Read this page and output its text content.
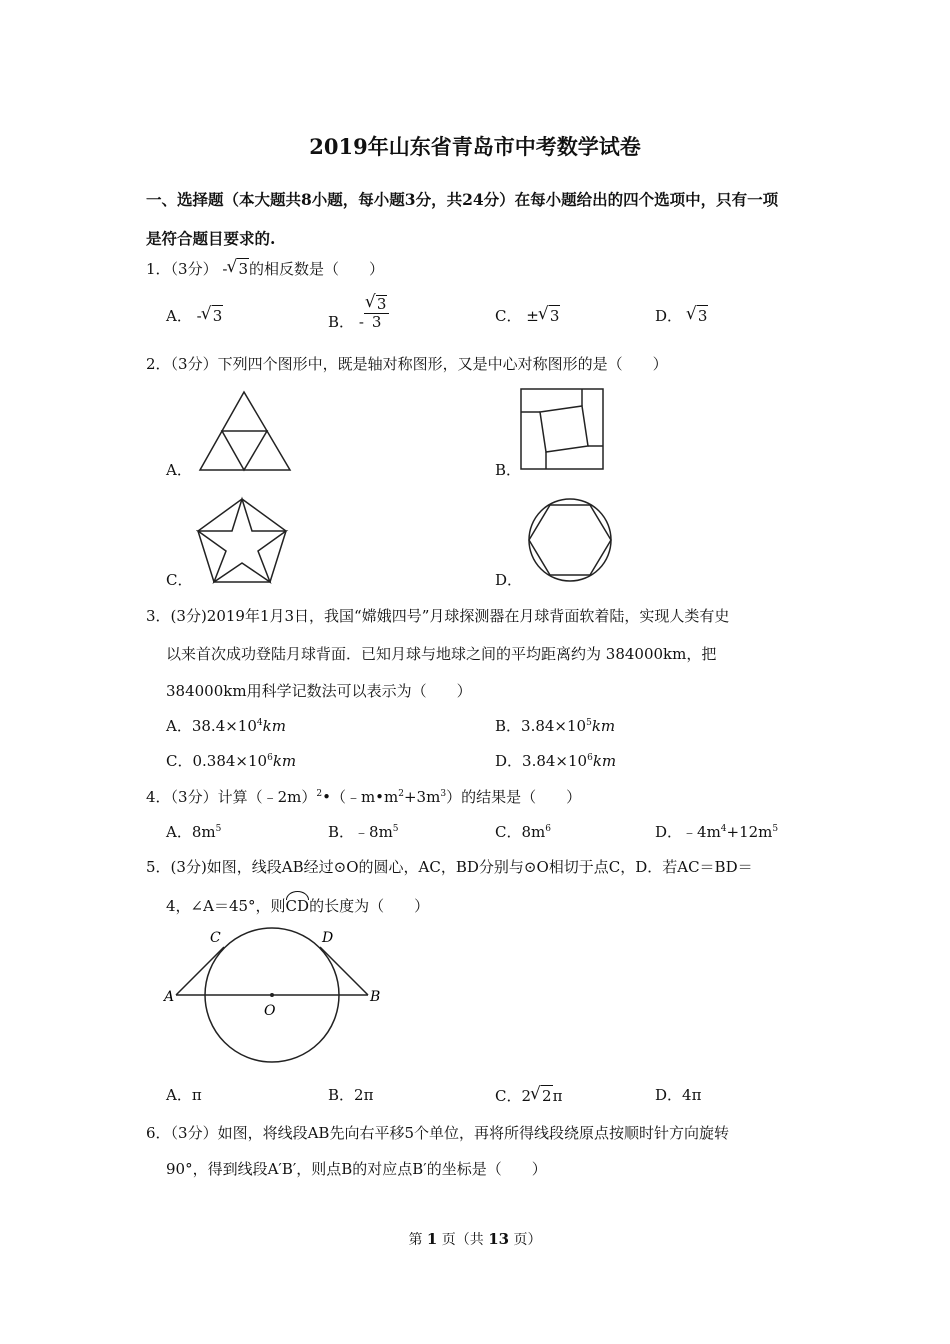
2019年山东省青岛市中考数学试卷
一、选择题（本大题共8小题，每小题3分，共24分）在每小题给出的四个选项中，只有一项
是符合题目要求的.
1．（3分） - √ 3的相反数是（　　）
A． - √ 3	B． - √ $\frac{3}{3}$	C． ± √ 3	D． √ 3
2．（3分）下列四个图形中，既是轴对称图形，又是中心对称图形的是（　　）
A．	B．
C．	D．
3．(3分)2019年1月3日，我国“嫦娥四号”月球探测器在月球背面软着陆，实现人类有史
以来首次成功登陆月球背面．已知月球与地球之间的平均距离约为 384000km，把
384000km用科学记数法可以表示为（　　）
A．$38.4\times 10^4km$	B．$3.84\times 10^5km$
C．$0.384\times 10^6km$	D．$3.84\times 10^6km$
4．（3分）计算$(﹣2m)^2•(﹣m•m^2+3m^3)$的结果是（　　）
A．$8m^5$	B．$﹣8m^5$	C．$8m^6$	D．$﹣4m^4+12m^5$
5．(3分)如图，线段AB经过⊙O的圆心，AC，BD分别与⊙O相切于点C，D．若AC＝BD＝
4，∠A＝45°，则CD的长度为（　　）
A	B
C	D
O
A．π	B．2π	C．2 √ 2π	D．4π
6．（3分）如图，将线段AB先向右平移5个单位，再将所得线段绕原点按顺时针方向旋转
90°，得到线段A′B′，则点B的对应点B′的坐标是（　　）
第 1 页（共 13 页）
